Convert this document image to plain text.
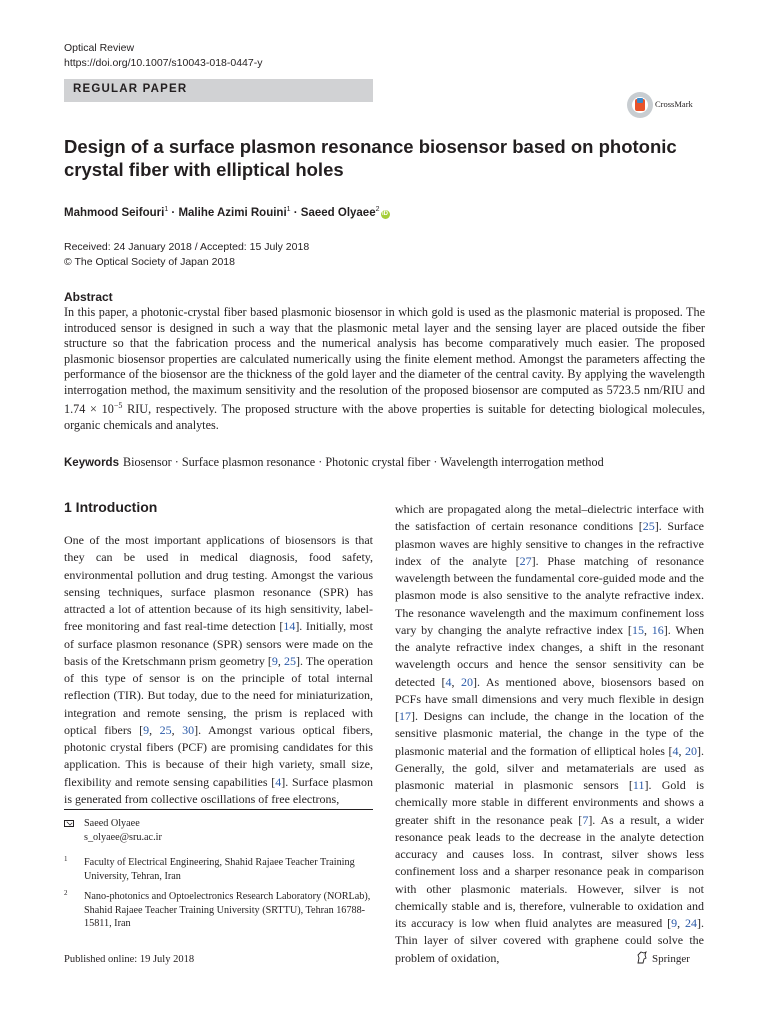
Optical Review
https://doi.org/10.1007/s10043-018-0447-y
REGULAR PAPER
CrossMark
Design of a surface plasmon resonance biosensor based on photonic crystal fiber with elliptical holes
Mahmood Seifouri$^1$ · Malihe Azimi Rouini$^1$ · Saeed Olyaee$^2$iD
Received: 24 January 2018 / Accepted: 15 July 2018
© The Optical Society of Japan 2018
Abstract
In this paper, a photonic-crystal fiber based plasmonic biosensor in which gold is used as the plasmonic material is proposed. The introduced sensor is designed in such a way that the plasmonic metal layer and the sensing layer are placed outside the fiber structure so that the fabrication process and the numerical analysis has become comparatively much easier. The proposed plasmonic biosensor properties are calculated numerically using the finite element method. Amongst the parameters affecting the performance of the biosensor are the thickness of the gold layer and the diameter of the central cavity. By applying the wavelength interrogation method, the maximum sensitivity and the resolution of the proposed biosensor are computed as 5723.5 nm/RIU and $1.74 \times 10^{-5}$ RIU, respectively. The proposed structure with the above properties is suitable for detecting biological molecules, organic chemicals and analytes.
Keywords Biosensor · Surface plasmon resonance · Photonic crystal fiber · Wavelength interrogation method
1 Introduction
One of the most important applications of biosensors is that they can be used in medical diagnosis, food safety, environmental pollution and drug testing. Amongst the various sensing techniques, surface plasmon resonance (SPR) has attracted a lot of attention because of its high sensitivity, label-free monitoring and fast real-time detection [14]. Initially, most of surface plasmon resonance (SPR) sensors were made on the basis of the Kretschmann prism geometry [9, 25]. The operation of this type of sensor is on the principle of total internal reflection (TIR). But today, due to the need for miniaturization, integration and remote sensing, the prism is replaced with optical fibers [9, 25, 30]. Amongst various optical fibers, photonic crystal fibers (PCF) are promising candidates for this application. This is because of their high variety, small size, flexibility and remote sensing capabilities [4]. Surface plasmon is generated from collective oscillations of free electrons,
which are propagated along the metal–dielectric interface with the satisfaction of certain resonance conditions [25]. Surface plasmon waves are highly sensitive to changes in the refractive index of the analyte [27]. Phase matching of resonance wavelength between the fundamental core-guided mode and the plasmon mode is also sensitive to the analyte refractive index. The resonance wavelength and the maximum confinement loss vary by changing the analyte refractive index [15, 16]. When the analyte refractive index changes, a shift in the resonant wavelength occurs and hence the sensor sensitivity can be detected [4, 20]. As mentioned above, biosensors based on PCFs have small dimensions and very much flexible in design [17]. Designs can include, the change in the location of the sensitive plasmonic material, the change in the type of the plasmonic material and the formation of elliptical holes [4, 20]. Generally, the gold, silver and metamaterials are used as plasmonic material in plasmonic sensors [11]. Gold is chemically more stable in different environments and shows a greater shift in the resonance peak [7]. As a result, a wider resonance peak leads to the decrease in the analyte detection accuracy and causes loss. In contrast, silver shows less confinement loss and a sharper resonance peak in comparison with other plasmonic materials. However, silver is not chemically stable and is, therefore, vulnerable to oxidation and its accuracy is low when fluid analytes are measured [9, 24]. Thin layer of silver covered with graphene could solve the problem of oxidation,
Saeed Olyaee
s_olyaee@sru.ac.ir
1 Faculty of Electrical Engineering, Shahid Rajaee Teacher Training University, Tehran, Iran
2 Nano-photonics and Optoelectronics Research Laboratory (NORLab), Shahid Rajaee Teacher Training University (SRTTU), Tehran 16788-15811, Iran
Published online: 19 July 2018	Springer
